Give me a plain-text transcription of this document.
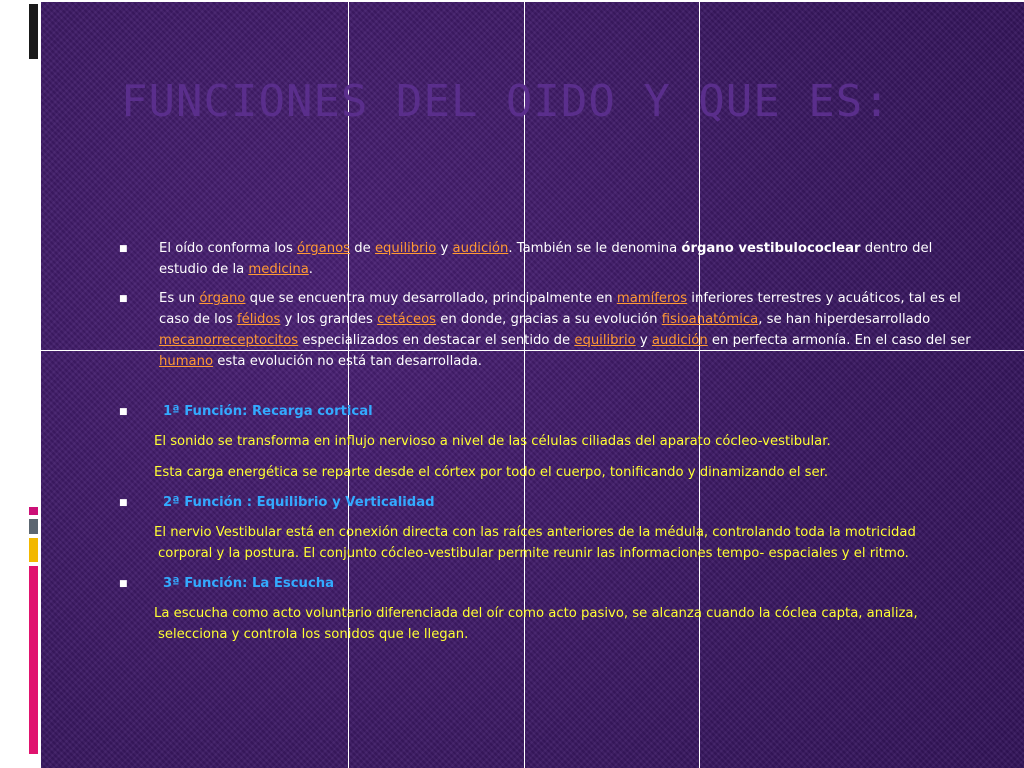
FUNCIONES DEL OIDO Y QUE ES:
■ El oído conforma los órganos de equilibrio y audición. También se le denomina órgano vestibulococlear dentro del estudio de la medicina.
■ Es un órgano que se encuentra muy desarrollado, principalmente en mamíferos inferiores terrestres y acuáticos, tal es el caso de los félidos y los grandes cetáceos en donde, gracias a su evolución fisioanatómica, se han hiperdesarrollado mecanorreceptocitos especializados en destacar el sentido de equilibrio y audición en perfecta armonía. En el caso del ser humano esta evolución no está tan desarrollada.
■	1ª Función: Recarga cortical
El sonido se transforma en influjo nervioso a nivel de las células ciliadas del aparato cócleo-vestibular.
Esta carga energética se reparte desde el córtex por todo el cuerpo, tonificando y dinamizando el ser.
■	2ª Función : Equilibrio y Verticalidad
El nervio Vestibular está en conexión directa con las raíces anteriores de la médula, controlando toda la motricidad
corporal y la postura. El conjunto cócleo-vestibular permite reunir las informaciones tempo- espaciales y el ritmo.
■	3ª Función: La Escucha
La escucha como acto voluntario diferenciada del oír como acto pasivo, se alcanza cuando la cóclea capta, analiza,
selecciona y controla los sonidos que le llegan.
